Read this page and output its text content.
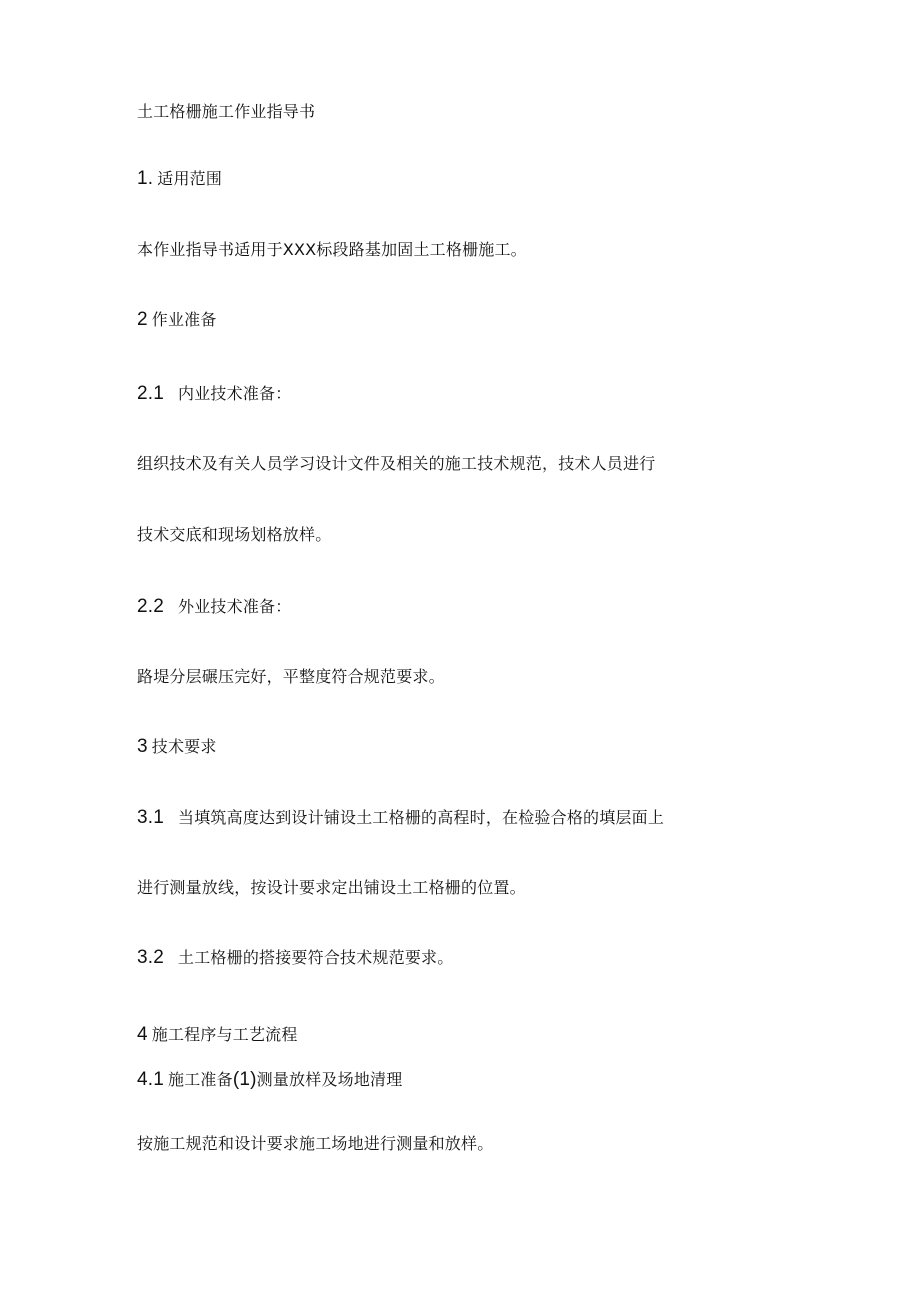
土工格栅施工作业指导书
1. 适用范围
本作业指导书适用于XXX标段路基加固土工格栅施工。
2 作业准备
2.1 内业技术准备：
组织技术及有关人员学习设计文件及相关的施工技术规范，技术人员进行
技术交底和现场划格放样。
2.2 外业技术准备：
路堤分层碾压完好，平整度符合规范要求。
3 技术要求
3.1 当填筑高度达到设计铺设土工格栅的高程时，在检验合格的填层面上
进行测量放线，按设计要求定出铺设土工格栅的位置。
3.2 土工格栅的搭接要符合技术规范要求。
4 施工程序与工艺流程
4.1 施工准备(1)测量放样及场地清理
按施工规范和设计要求施工场地进行测量和放样。
